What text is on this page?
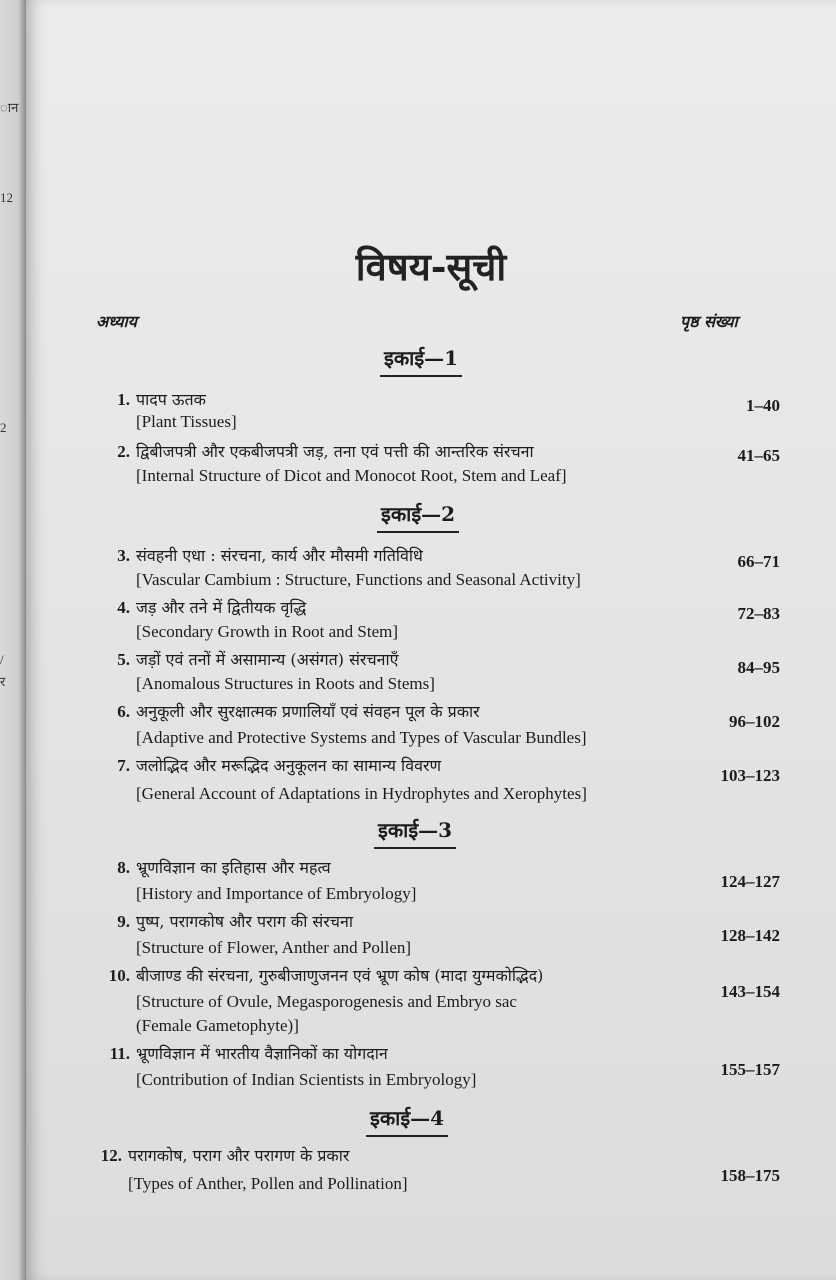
ान
12
2
/
र
विषय-सूची
अध्याय	पृष्ठ संख्या
इकाई—1
1. पादप ऊतक
[Plant Tissues]
1–40
2. द्विबीजपत्री और एकबीजपत्री जड़, तना एवं पत्ती की आन्तरिक संरचना
[Internal Structure of Dicot and Monocot Root, Stem and Leaf]
41–65
इकाई—2
3. संवहनी एधा : संरचना, कार्य और मौसमी गतिविधि
[Vascular Cambium : Structure, Functions and Seasonal Activity]
66–71
4. जड़ और तने में द्वितीयक वृद्धि
[Secondary Growth in Root and Stem]
72–83
5. जड़ों एवं तनों में असामान्य (असंगत) संरचनाएँ
[Anomalous Structures in Roots and Stems]
84–95
6. अनुकूली और सुरक्षात्मक प्रणालियाँ एवं संवहन पूल के प्रकार
[Adaptive and Protective Systems and Types of Vascular Bundles]
96–102
7. जलोद्भिद और मरूद्भिद अनुकूलन का सामान्य विवरण
[General Account of Adaptations in Hydrophytes and Xerophytes]
103–123
इकाई—3
8. भ्रूणविज्ञान का इतिहास और महत्व
[History and Importance of Embryology]
124–127
9. पुष्प, परागकोष और पराग की संरचना
[Structure of Flower, Anther and Pollen]
128–142
10. बीजाण्ड की संरचना, गुरुबीजाणुजनन एवं भ्रूण कोष (मादा युग्मकोद्भिद)
[Structure of Ovule, Megasporogenesis and Embryo sac
(Female Gametophyte)]
143–154
11. भ्रूणविज्ञान में भारतीय वैज्ञानिकों का योगदान
[Contribution of Indian Scientists in Embryology]
155–157
इकाई—4
12. परागकोष, पराग और परागण के प्रकार
[Types of Anther, Pollen and Pollination]	158–175
